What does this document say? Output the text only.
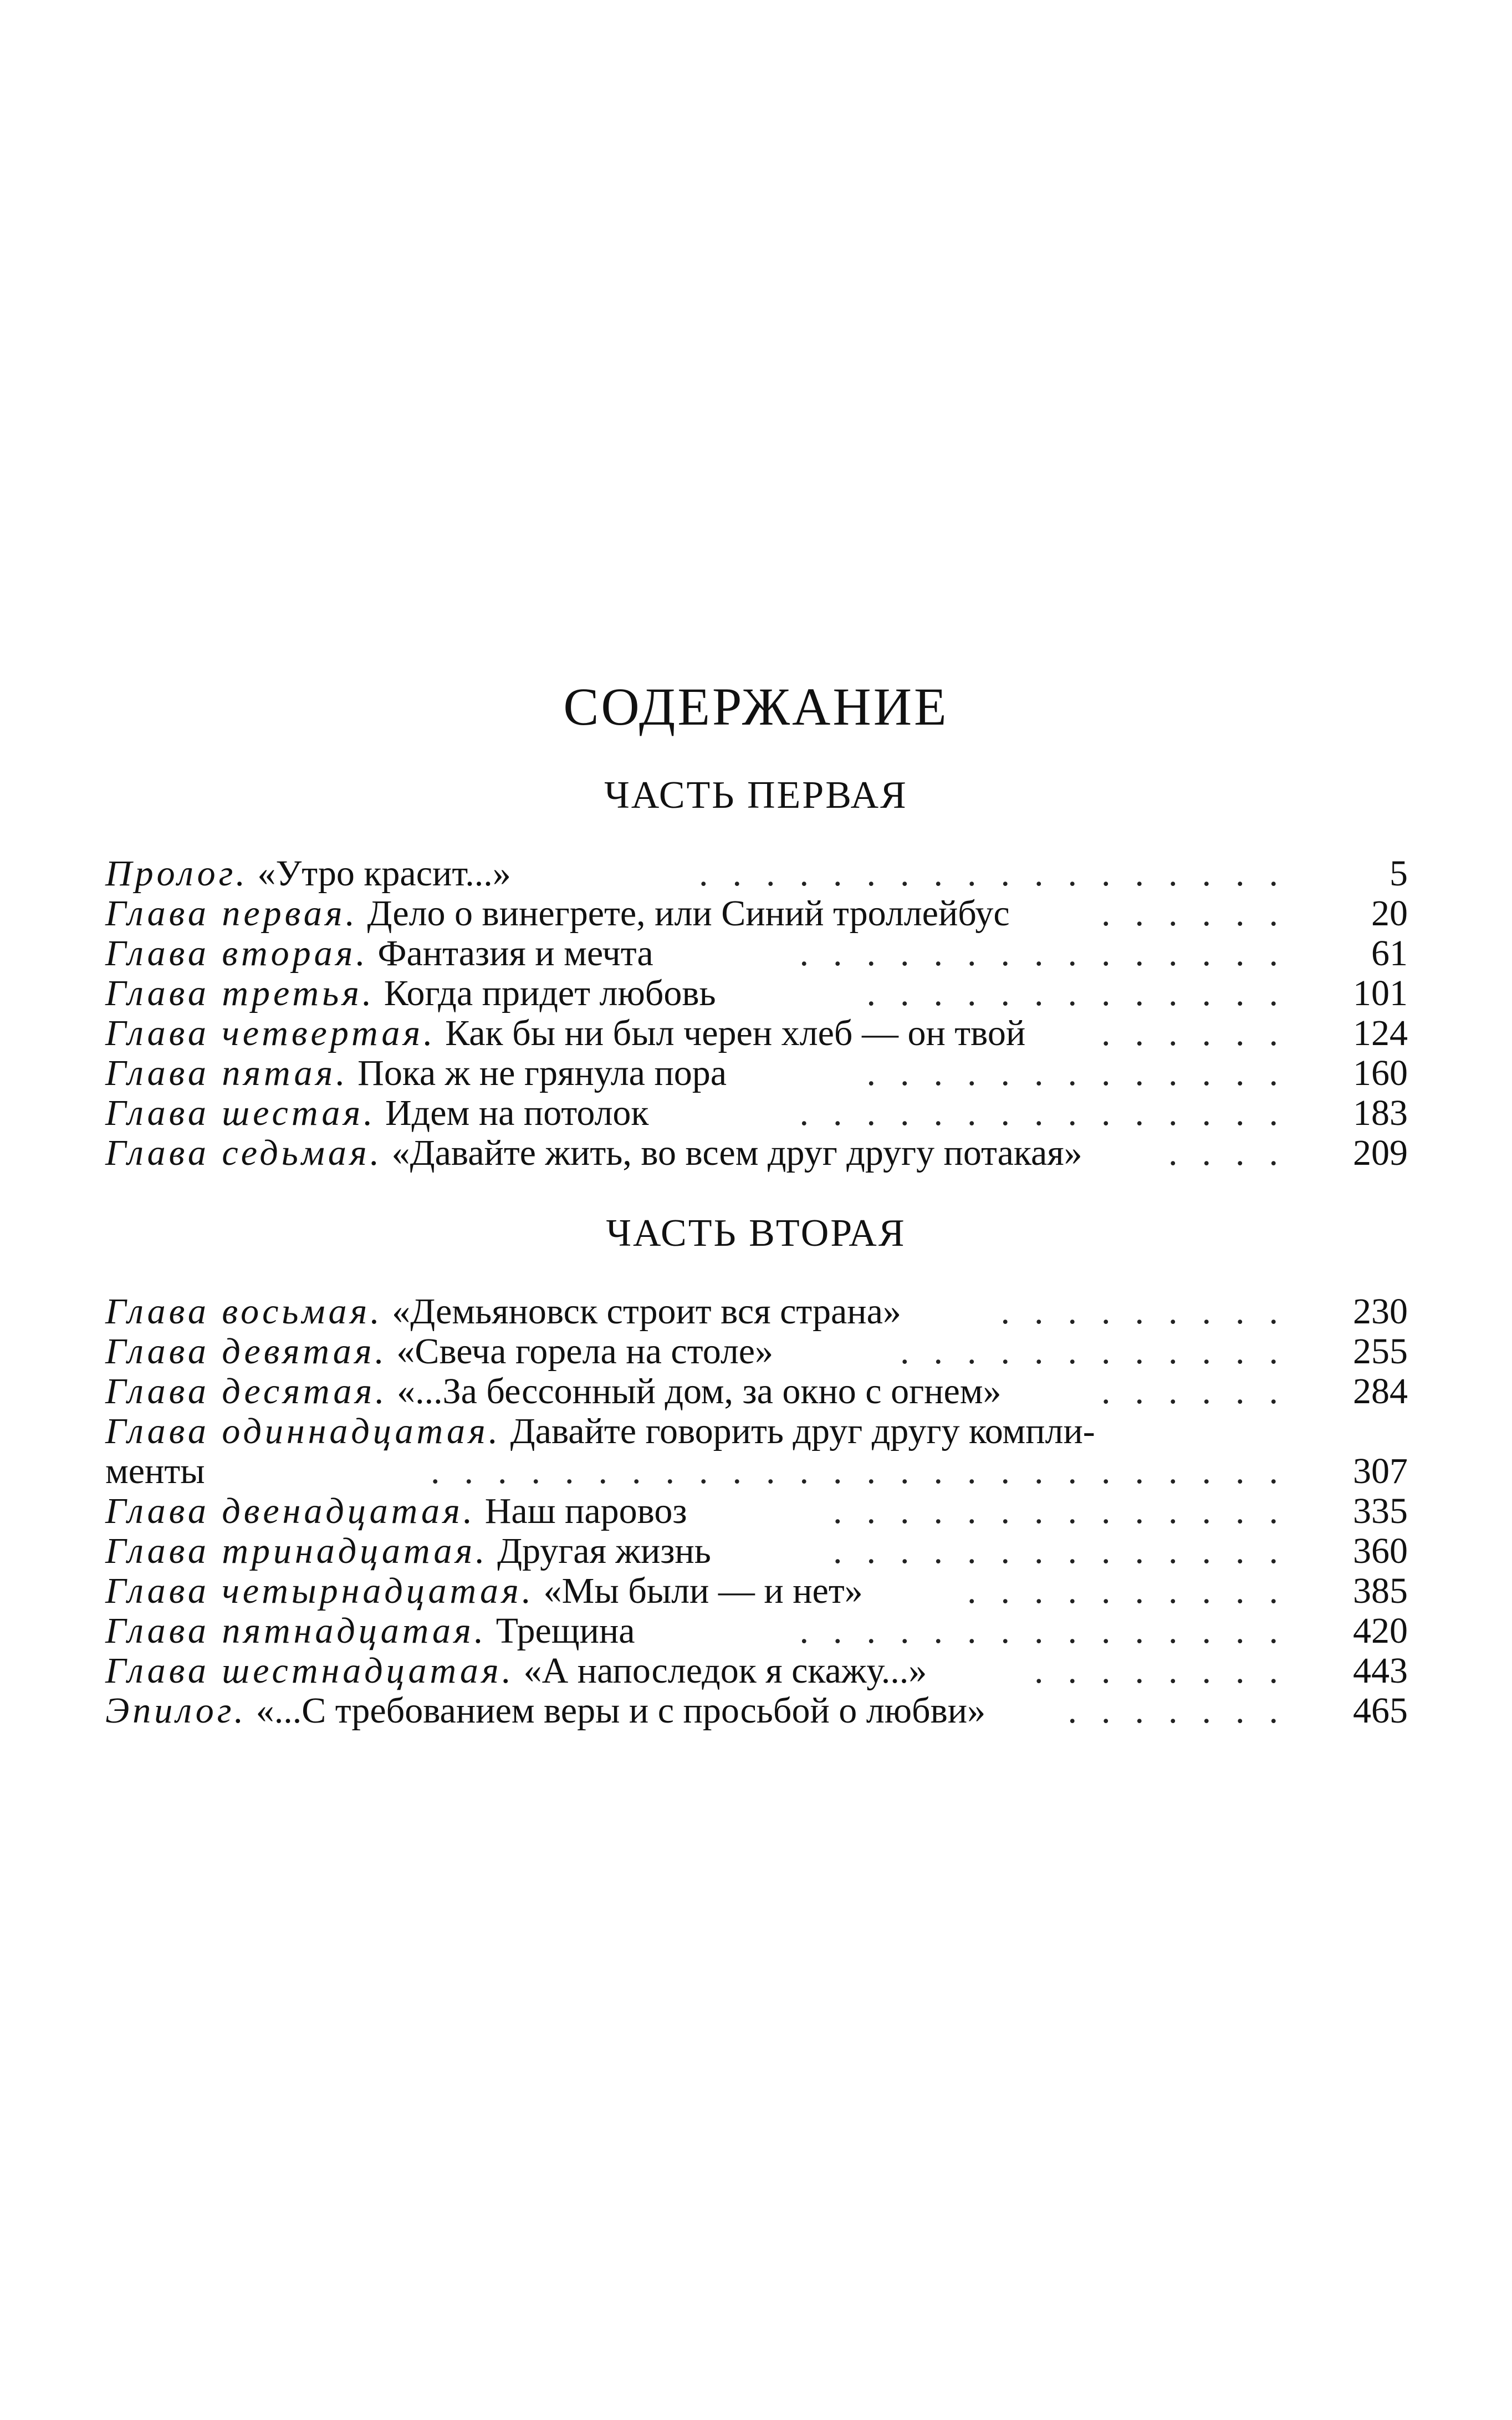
СОДЕРЖАНИЕ
ЧАСТЬ ПЕРВАЯ
Пролог. «Утро красит...»	5
..................
Глава первая. Дело о винегрете, или Синий троллейбус	20
......
Глава вторая. Фантазия и мечта	61
...............
Глава третья. Когда придет любовь	101
.............
Глава четвертая. Как бы ни был черен хлеб — он твой	124
......
Глава пятая. Пока ж не грянула пора	160
.............
Глава шестая. Идем на потолок	183
...............
Глава седьмая. «Давайте жить, во всем друг другу потакая»	209
....
ЧАСТЬ ВТОРАЯ
Глава восьмая. «Демьяновск строит вся страна»	230
.........
Глава девятая. «Свеча горела на столе»	255
............
Глава десятая. «...За бессонный дом, за окно с огнем»	284
......
Глава одиннадцатая. Давайте говорить друг другу компли-
менты	307
..........................
Глава двенадцатая. Наш паровоз	335
..............
Глава тринадцатая. Другая жизнь	360
..............
Глава четырнадцатая. «Мы были — и нет»	385
..........
Глава пятнадцатая. Трещина	420
...............
Глава шестнадцатая. «А напоследок я скажу...»	443
........
Эпилог. «...С требованием веры и с просьбой о любви»	465
.......
